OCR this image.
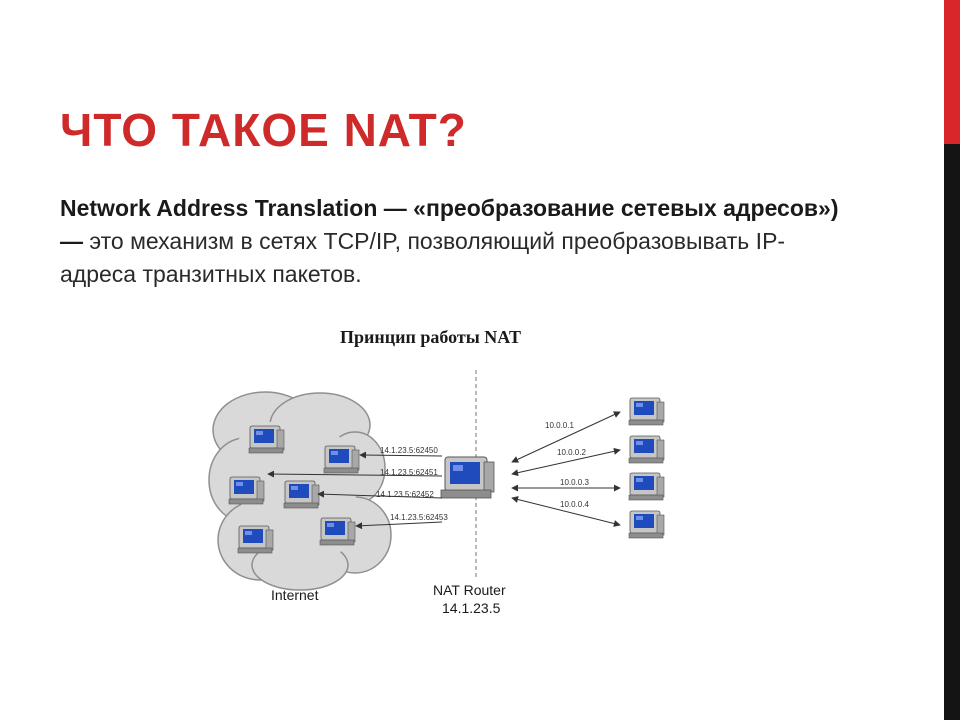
ЧТО ТАКОЕ NAT?

Network Address Translation — «преобразование сетевых адресов») — это механизм в сетях TCP/IP, позволяющий преобразовывать IP-адреса транзитных пакетов.

Принцип работы NAT
14.1.23.5:62450
14.1.23.5:62451
14.1.23.5:62452
14.1.23.5:62453
10.0.0.1
10.0.0.2
10.0.0.3
10.0.0.4
Internet	NAT Router
14.1.23.5
